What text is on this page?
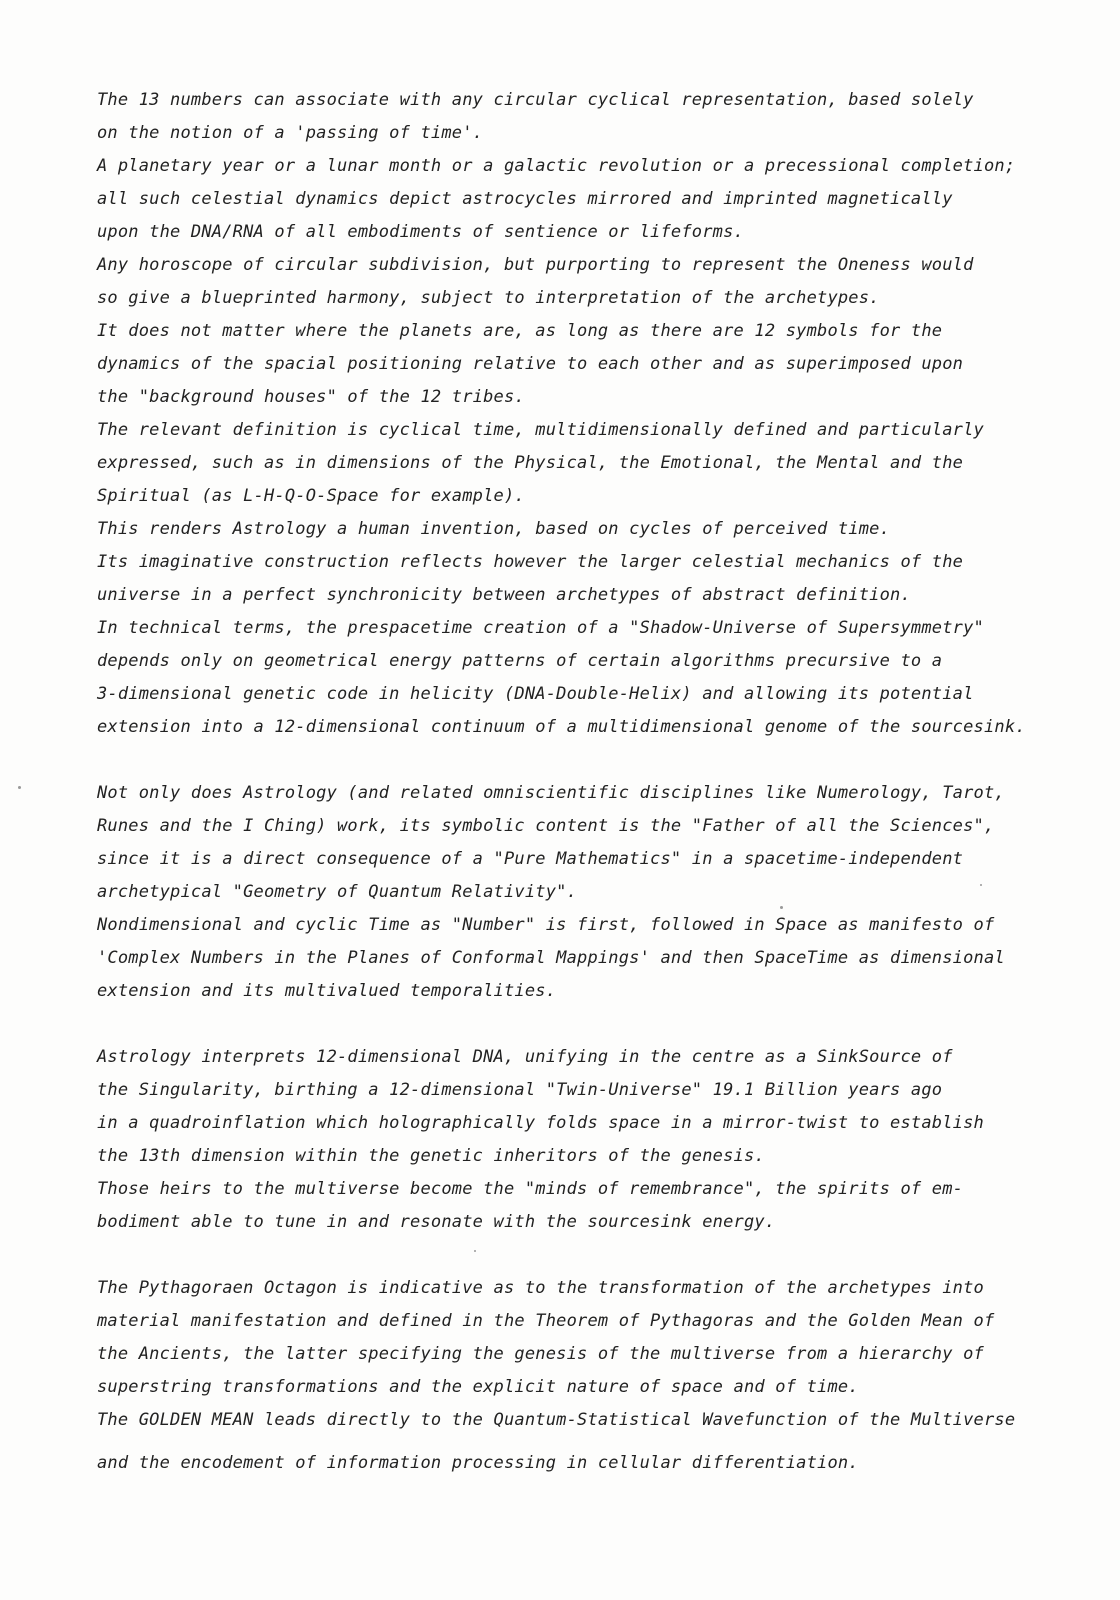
The 13 numbers can associate with any circular cyclical representation, based solely
on the notion of a 'passing of time'.
A planetary year or a lunar month or a galactic revolution or a precessional completion;
all such celestial dynamics depict astrocycles mirrored and imprinted magnetically
upon the DNA/RNA of all embodiments of sentience or lifeforms.
Any horoscope of circular subdivision, but purporting to represent the Oneness would
so give a blueprinted harmony, subject to interpretation of the archetypes.
It does not matter where the planets are, as long as there are 12 symbols for the
dynamics of the spacial positioning relative to each other and as superimposed upon
the "background houses" of the 12 tribes.
The relevant definition is cyclical time, multidimensionally defined and particularly
expressed, such as in dimensions of the Physical, the Emotional, the Mental and the
Spiritual (as L-H-Q-O-Space for example).
This renders Astrology a human invention, based on cycles of perceived time.
Its imaginative construction reflects however the larger celestial mechanics of the
universe in a perfect synchronicity between archetypes of abstract definition.
In technical terms, the prespacetime creation of a "Shadow-Universe of Supersymmetry"
depends only on geometrical energy patterns of certain algorithms precursive to a
3-dimensional genetic code in helicity (DNA-Double-Helix) and allowing its potential
extension into a 12-dimensional continuum of a multidimensional genome of the sourcesink.
Not only does Astrology (and related omniscientific disciplines like Numerology, Tarot,
Runes and the I Ching) work, its symbolic content is the "Father of all the Sciences",
since it is a direct consequence of a "Pure Mathematics" in a spacetime-independent
archetypical "Geometry of Quantum Relativity".
Nondimensional and cyclic Time as "Number" is first, followed in Space as manifesto of
'Complex Numbers in the Planes of Conformal Mappings' and then SpaceTime as dimensional
extension and its multivalued temporalities.
Astrology interprets 12-dimensional DNA, unifying in the centre as a SinkSource of
the Singularity, birthing a 12-dimensional "Twin-Universe" 19.1 Billion years ago
in a quadroinflation which holographically folds space in a mirror-twist to establish
the 13th dimension within the genetic inheritors of the genesis.
Those heirs to the multiverse become the "minds of remembrance", the spirits of em-
bodiment able to tune in and resonate with the sourcesink energy.
The Pythagoraen Octagon is indicative as to the transformation of the archetypes into
material manifestation and defined in the Theorem of Pythagoras and the Golden Mean of
the Ancients, the latter specifying the genesis of the multiverse from a hierarchy of
superstring transformations and the explicit nature of space and of time.
The GOLDEN MEAN leads directly to the Quantum-Statistical Wavefunction of the Multiverse
and the encodement of information processing in cellular differentiation.
